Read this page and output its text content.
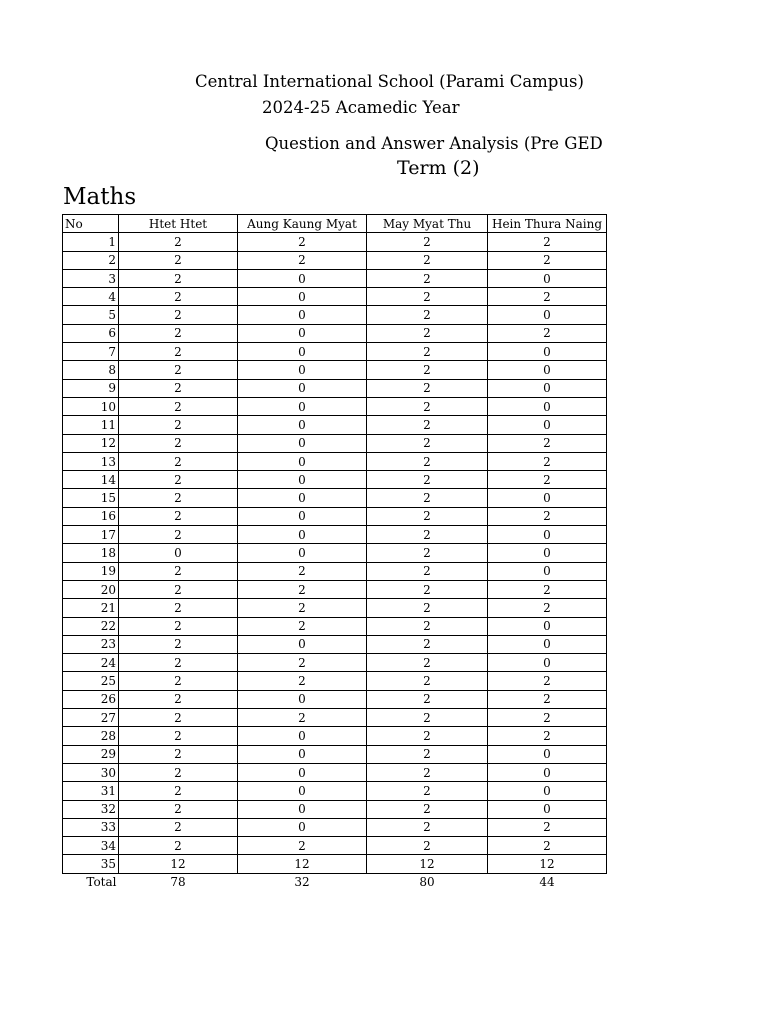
Central International School (Parami Campus)
2024-25 Acamedic Year
Question and Answer Analysis (Pre GED
Term (2)
Maths
No	Htet Htet	Aung Kaung Myat	May Myat Thu	Hein Thura Naing
1	2	2	2	2
2	2	2	2	2
3	2	0	2	0
4	2	0	2	2
5	2	0	2	0
6	2	0	2	2
7	2	0	2	0
8	2	0	2	0
9	2	0	2	0
10	2	0	2	0
11	2	0	2	0
12	2	0	2	2
13	2	0	2	2
14	2	0	2	2
15	2	0	2	0
16	2	0	2	2
17	2	0	2	0
18	0	0	2	0
19	2	2	2	0
20	2	2	2	2
21	2	2	2	2
22	2	2	2	0
23	2	0	2	0
24	2	2	2	0
25	2	2	2	2
26	2	0	2	2
27	2	2	2	2
28	2	0	2	2
29	2	0	2	0
30	2	0	2	0
31	2	0	2	0
32	2	0	2	0
33	2	0	2	2
34	2	2	2	2
35	12	12	12	12
Total	78	32	80	44
